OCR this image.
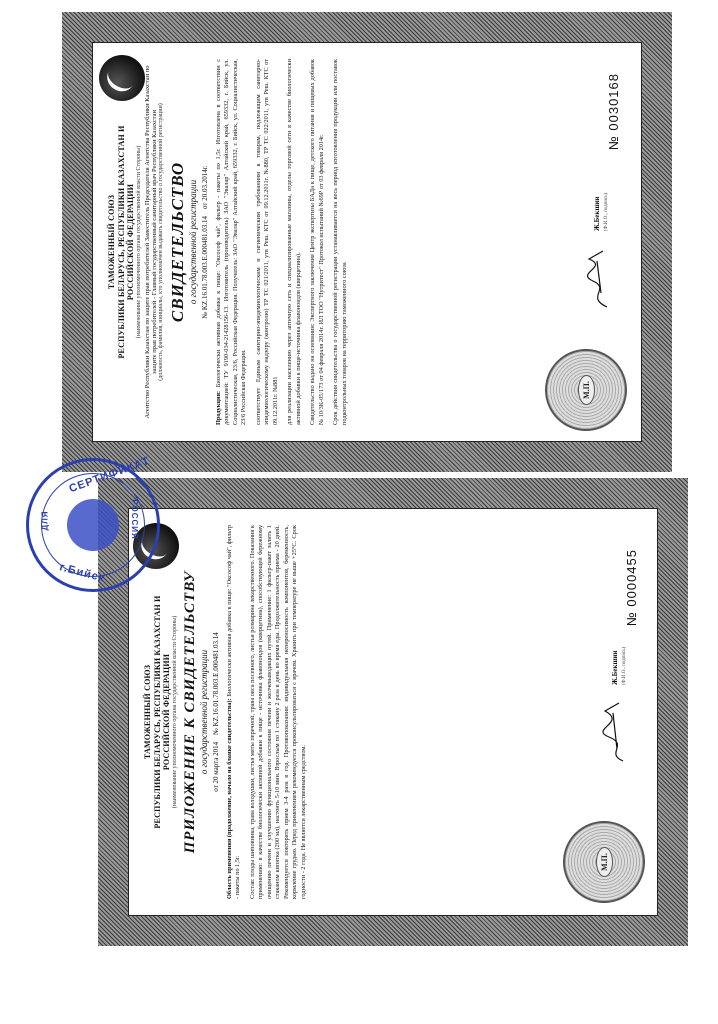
ТАМОЖЕННЫЙ СОЮЗ РЕСПУБЛИКИ БЕЛАРУСЬ, РЕСПУБЛИКИ КАЗАХСТАН И РОССИЙСКОЙ ФЕДЕРАЦИИ (наименование уполномоченного органа государственной власти Стороны) Агентство Республики Казахстан по защите прав потребителей Заместитель Председателя Агентства Республики Казахстан по защите прав потребителей - Главный государственный санитарный врач Республики Казахстан (должность, фамилия, инициалы, кто уполномочен выдавать свидетельство о государственной регистрации) СВИДЕТЕЛЬСТВО о государственной регистрации
№ KZ.16.01.78.003.Е.000481.03.14    от 20.03.2014г.
Продукция: Биологически активная добавка к пище: "Оксософ чай", фильтр - пакеты по 1,5г. Изготовлена в соответствии с документацией: ТУ 9190-034-21428156-13. Изготовитель (производитель) ЗАО "Эвалар" Алтайский край, 659332, г. Бийск, ул. Социалистическая, 23/6, Российская Федерация. Получатель: ЗАО "Эвалар" Алтайский край, 659332, г. Бийск, ул. Социалистическая, 23/6 Российская Федерация. соответствует Единым санитарно-эпидемиологическим и гигиеническим требованиям к товарам, подлежащим санитарно-эпидемиологическому надзору (контролю) ТР ТС 021/2011, утв Реш. КТС от 09.12.2011г. №880, ТР ТС 022/2011, утв Реш. КТС от 09.12.2011г. №881 для реализации населению через аптечную сеть и специализированные магазины, отделы торговой сети в качестве биологически активной добавки к пище-источника флавоноидов (кверцетина). Свидетельство выдано на основании: Экспертного заключения Центр экспертизы БАДа к пище, детского питания и пищевых добавок № 10/3К-05/173 от 04 февраля 2014г. ИЛ ТОО "Нутритест" Протокол испытаний №69Р от 03 февраля 2014г. Срок действия свидетельства о государственной регистрации устанавливается на весь период изготовления продукции или поставок подконтрольных товаров на территорию таможенного союза	М.П.
Ж.Бекшин (Ф.И.О., подпись)
№ 0030168
ТАМОЖЕННЫЙ СОЮЗ РЕСПУБЛИКИ БЕЛАРУСЬ, РЕСПУБЛИКИ КАЗАХСТАН И РОССИЙСКОЙ ФЕДЕРАЦИИ (наименование уполномоченного органа государственной власти Стороны) ПРИЛОЖЕНИЕ К СВИДЕТЕЛЬСТВУ о государственной регистрации
от 20 марта 2014    № KZ.16.01.78.003.Е.000481.03.14
Область применения (продолжение, начало на бланке свидетельства): Биологически активная добавка к пище: "Оксософ чай", фильтр - пакеты по 1,5г. Состав: плоды шиповника, трава володушки, листья мяты перечной, трава овса посевного, листья розмарина лекарственного. Показания к применению: в качестве биологически активной добавки к пище - источника флавоноидов (кверцетина), способствующей бережному очищению печени и улучшению функционального состояния печени и желчевыводящих путей. Применение: 1 фильтр-пакет залить 1 стаканом кипятка (200 мл), настоять 5-10 мин. Взрослым по 1 стакану 2 раза в день во время еды. Продолжительность приема - 20 дней. Рекомендуется повторять прием 3-4 раза в год. Противопоказания: индивидуальная непереносимость компонентов, беременность, кормление грудью. Перед применением рекомендуется проконсультироваться с врачом. Хранить при температуре не выше +25°С. Срок годности - 2 года. Не является лекарственным средством.	М.П.
Ж.Бекшин (Ф.И.О., подпись)
№ 0000455
СЕРТИФИКАТ
г.Бийск
ДЛЯ	РОССИЯ
